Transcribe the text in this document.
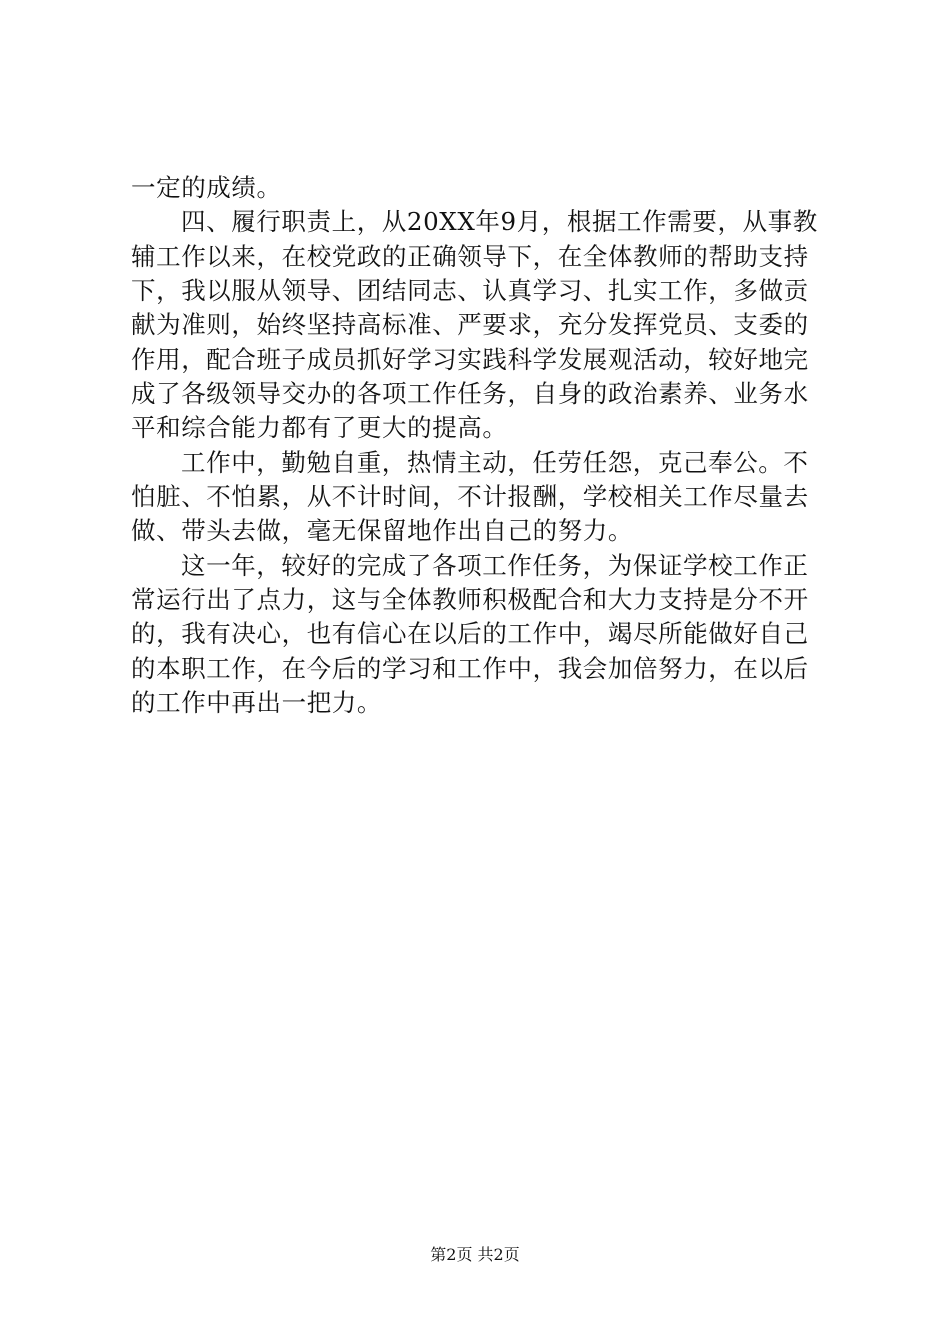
一定的成绩。
四、履行职责上，从20XX年9月，根据工作需要，从事教
辅工作以来，在校党政的正确领导下，在全体教师的帮助支持
下，我以服从领导、团结同志、认真学习、扎实工作，多做贡
献为准则，始终坚持高标准、严要求，充分发挥党员、支委的
作用，配合班子成员抓好学习实践科学发展观活动，较好地完
成了各级领导交办的各项工作任务，自身的政治素养、业务水
平和综合能力都有了更大的提高。
工作中，勤勉自重，热情主动，任劳任怨，克己奉公。不
怕脏、不怕累，从不计时间，不计报酬，学校相关工作尽量去
做、带头去做，毫无保留地作出自己的努力。
这一年，较好的完成了各项工作任务，为保证学校工作正
常运行出了点力，这与全体教师积极配合和大力支持是分不开
的，我有决心，也有信心在以后的工作中，竭尽所能做好自己
的本职工作，在今后的学习和工作中，我会加倍努力，在以后
的工作中再出一把力。
第2页 共2页
